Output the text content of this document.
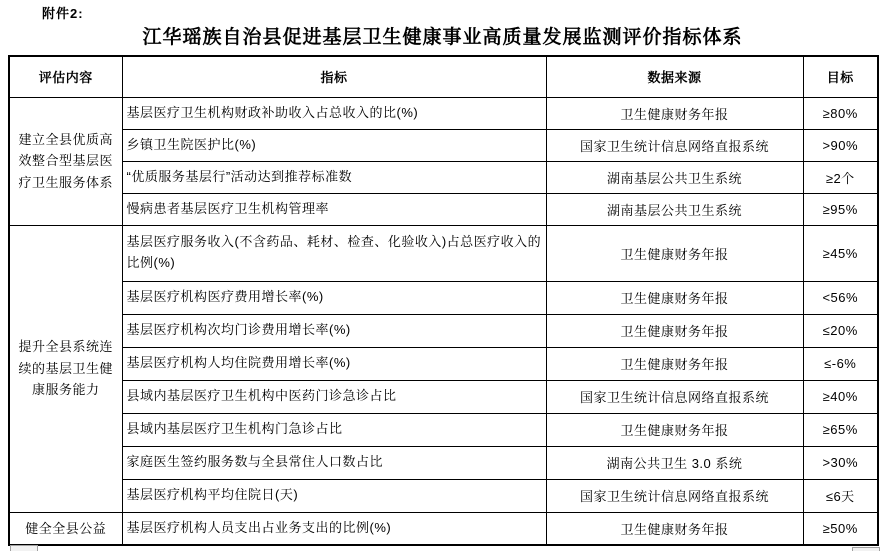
附件2:
江华瑶族自治县促进基层卫生健康事业高质量发展监测评价指标体系
评估内容	指标	数据来源	目标
建立全县优质高效整合型基层医疗卫生服务体系	基层医疗卫生机构财政补助收入占总收入的比(%)	卫生健康财务年报	≥80%
	乡镇卫生院医护比(%)	国家卫生统计信息网络直报系统	>90%
	“优质服务基层行”活动达到推荐标准数	湖南基层公共卫生系统	≥2个
	慢病患者基层医疗卫生机构管理率	湖南基层公共卫生系统	≥95%
提升全县系统连续的基层卫生健康服务能力	基层医疗服务收入(不含药品、耗材、检查、化验收入)占总医疗收入的比例(%)	卫生健康财务年报	≥45%
	基层医疗机构医疗费用增长率(%)	卫生健康财务年报	<56%
	基层医疗机构次均门诊费用增长率(%)	卫生健康财务年报	≤20%
	基层医疗机构人均住院费用增长率(%)	卫生健康财务年报	≤-6%
	县域内基层医疗卫生机构中医药门诊急诊占比	国家卫生统计信息网络直报系统	≥40%
	县域内基层医疗卫生机构门急诊占比	卫生健康财务年报	≥65%
	家庭医生签约服务数与全县常住人口数占比	湖南公共卫生 3.0 系统	>30%
	基层医疗机构平均住院日(天)	国家卫生统计信息网络直报系统	≤6天
健全全县公益	基层医疗机构人员支出占业务支出的比例(%)	卫生健康财务年报	≥50%
